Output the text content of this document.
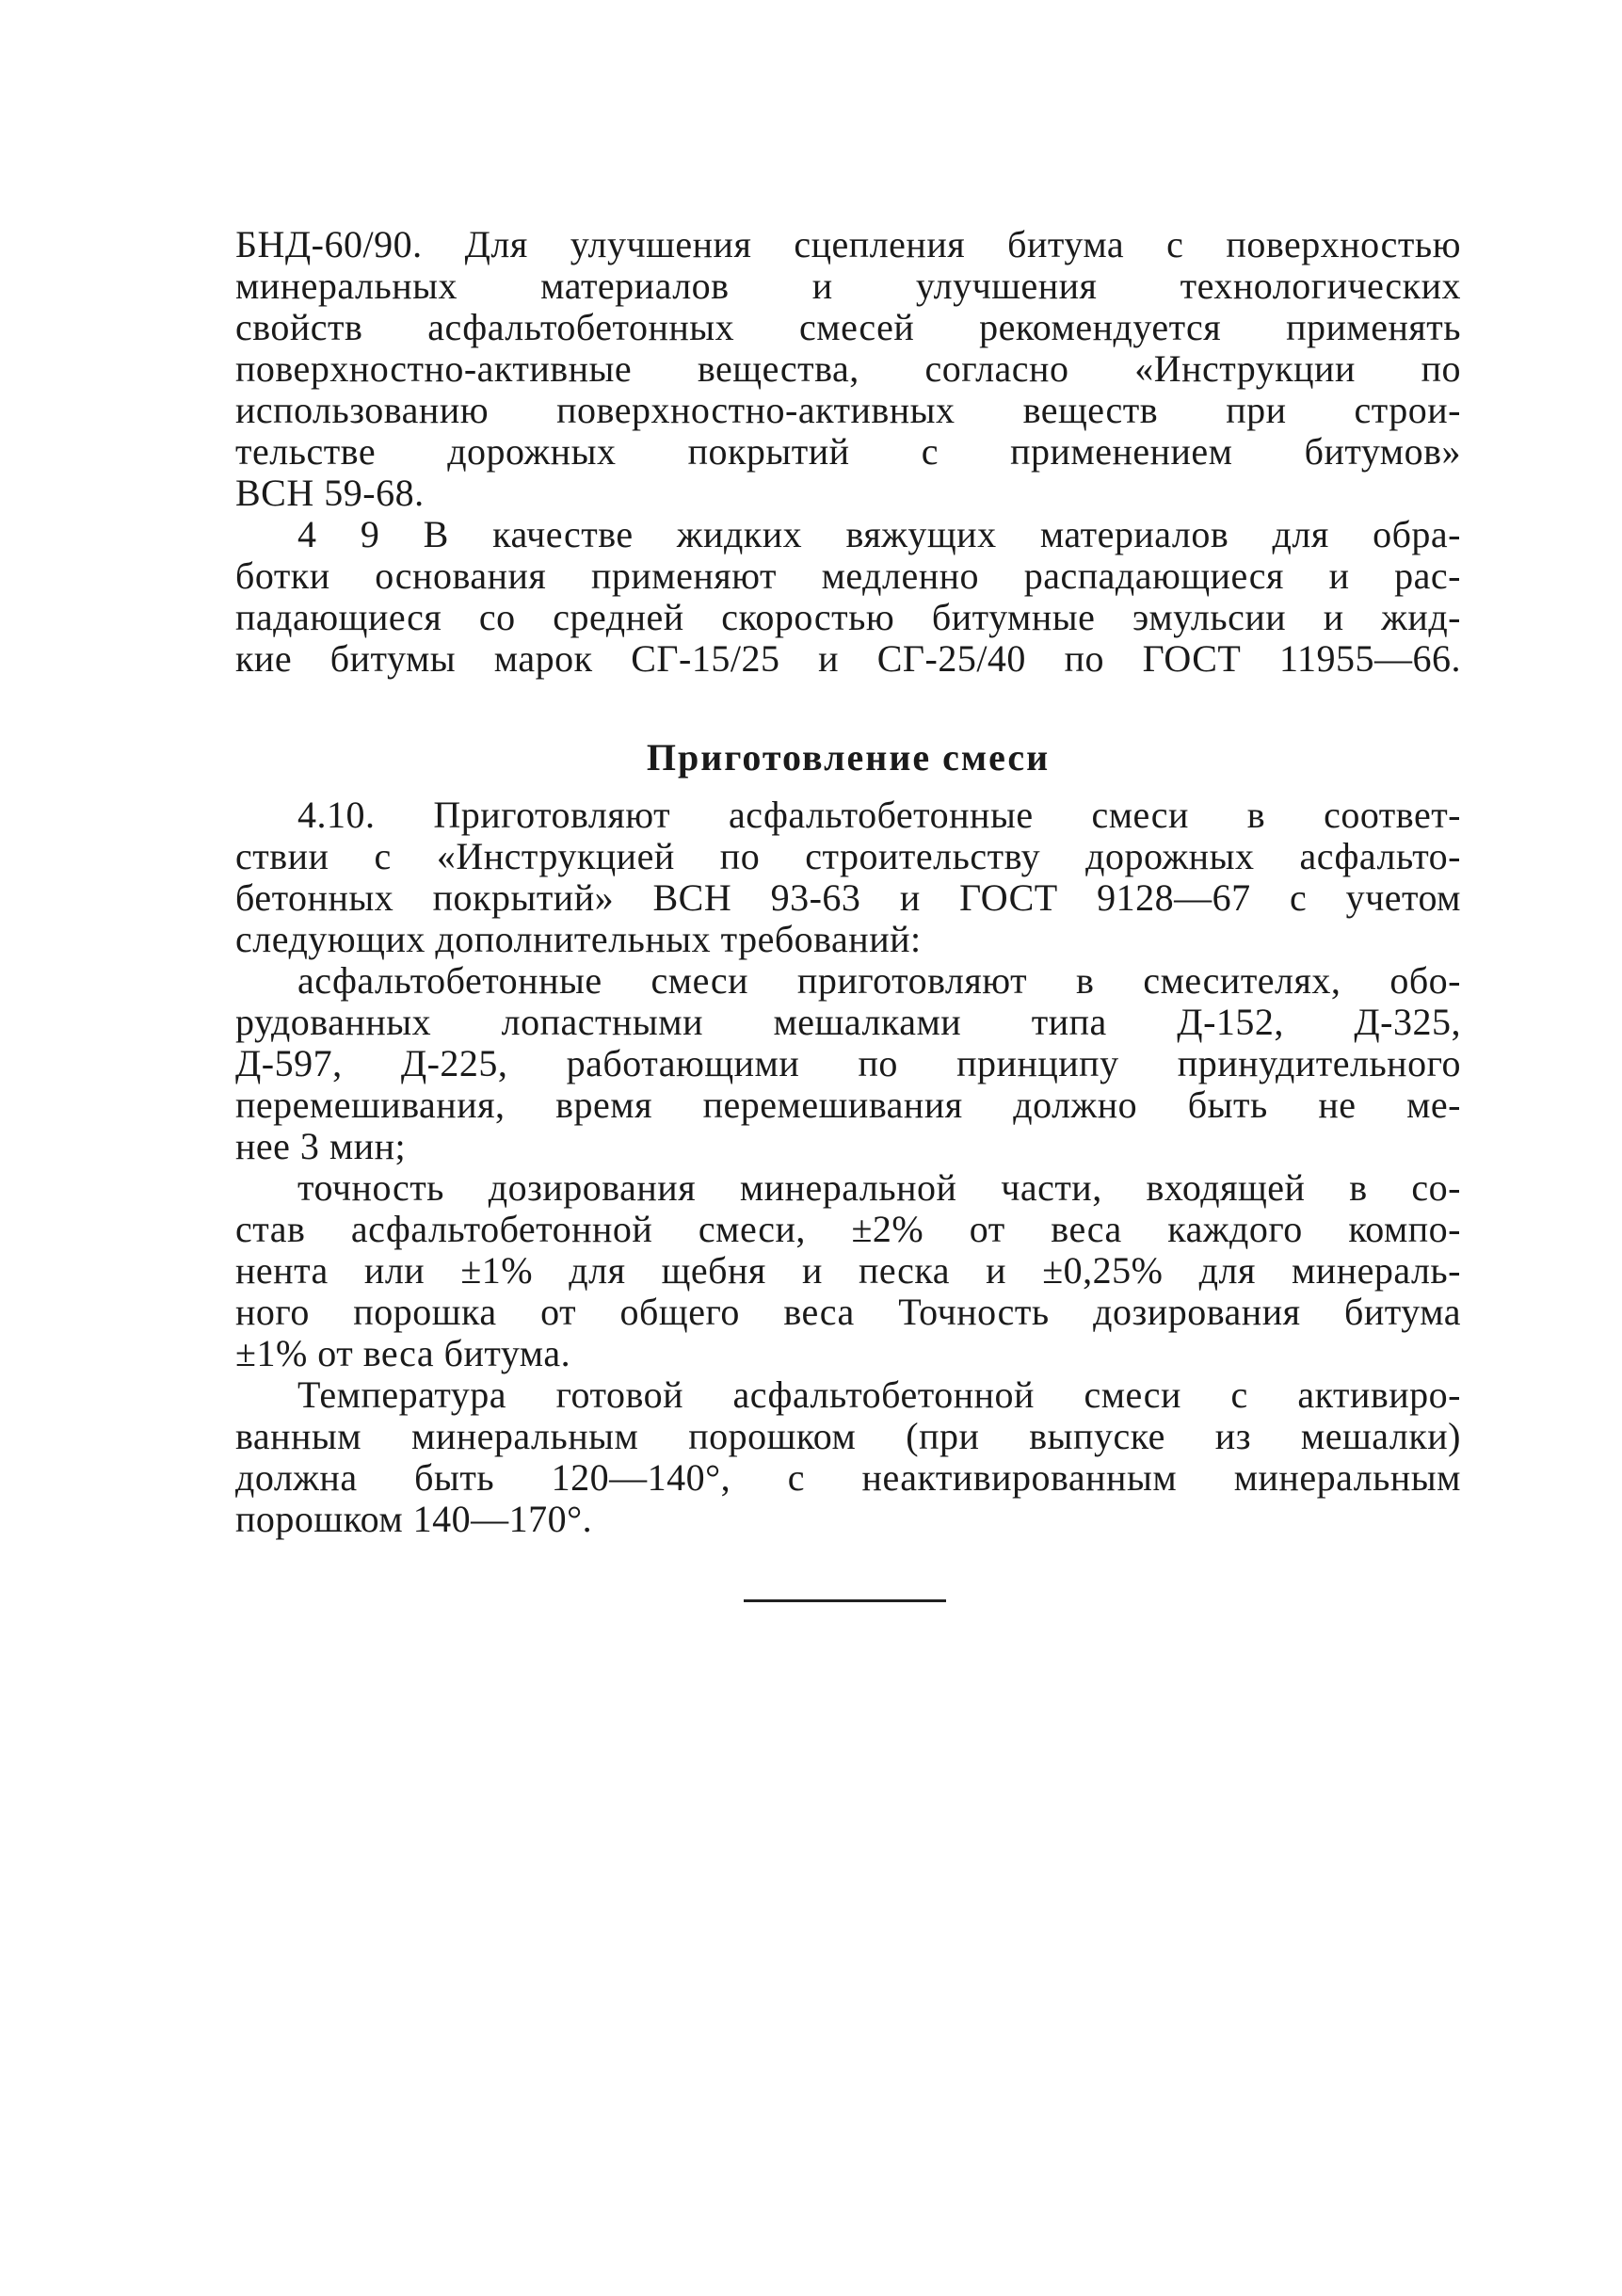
БНД-60/90. Для улучшения сцепления битума с поверхностью
минеральных материалов и улучшения технологических
свойств асфальтобетонных смесей рекомендуется применять
поверхностно-активные вещества, согласно «Инструкции по
использованию поверхностно-активных веществ при строи-
тельстве дорожных покрытий с применением битумов»
ВСН 59-68.
4 9 В качестве жидких вяжущих материалов для обра-
ботки основания применяют медленно распадающиеся и рас-
падающиеся со средней скоростью битумные эмульсии и жид-
кие битумы марок СГ-15/25 и СГ-25/40 по ГОСТ 11955—66.
Приготовление смеси
4.10. Приготовляют асфальтобетонные смеси в соответ-
ствии с «Инструкцией по строительству дорожных асфальто-
бетонных покрытий» ВСН 93-63 и ГОСТ 9128—67 с учетом
следующих дополнительных требований:
асфальтобетонные смеси приготовляют в смесителях, обо-
рудованных лопастными мешалками типа Д-152, Д-325,
Д-597, Д-225, работающими по принципу принудительного
перемешивания, время перемешивания должно быть не ме-
нее 3 мин;
точность дозирования минеральной части, входящей в со-
став асфальтобетонной смеси, ±2% от веса каждого компо-
нента или ±1% для щебня и песка и ±0,25% для минераль-
ного порошка от общего веса Точность дозирования битума
±1% от веса битума.
Температура готовой асфальтобетонной смеси с активиро-
ванным минеральным порошком (при выпуске из мешалки)
должна быть 120—140°, с неактивированным минеральным
порошком 140—170°.
